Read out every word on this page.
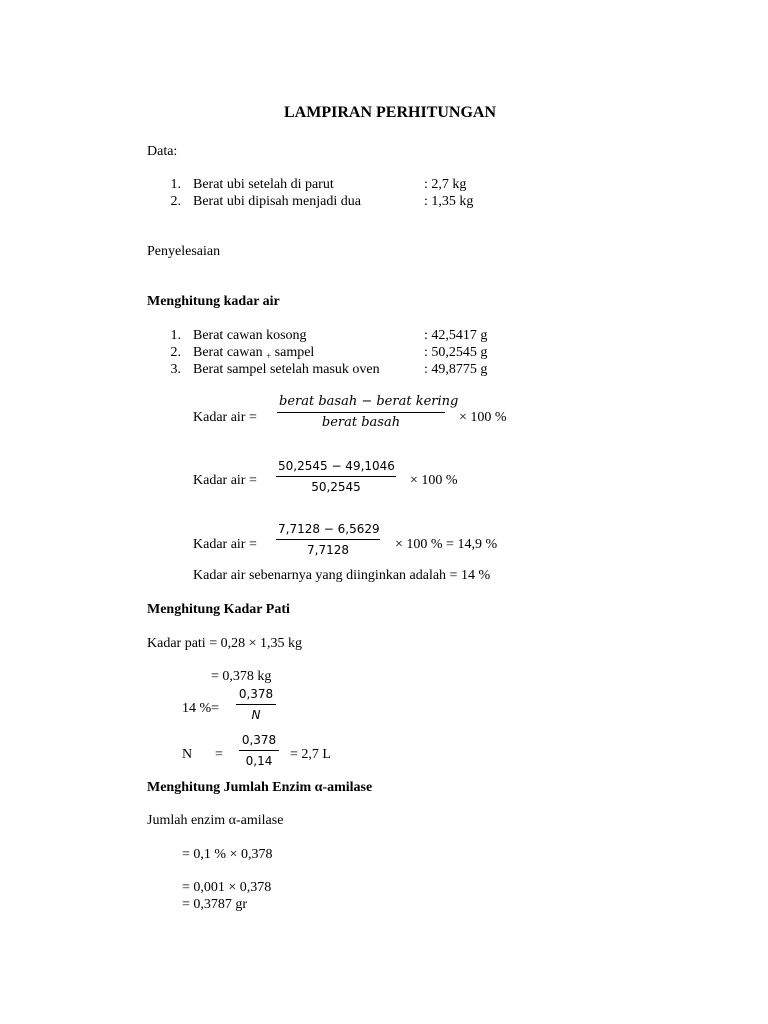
LAMPIRAN PERHITUNGAN
Data:
1. Berat ubi setelah di parut	: 2,7 kg
2. Berat ubi dipisah menjadi dua	: 1,35 kg
Penyelesaian
Menghitung kadar air
1. Berat cawan kosong	: 42,5417 g
2. Berat cawan $_+$ sampel	: 50,2545 g
3. Berat sampel setelah masuk oven	: 49,8775 g
Kadar air =
berat basah − berat kering
berat basah	× 100 %
Kadar air =
50,2545 − 49,1046
50,2545	× 100 %
Kadar air =
7,7128 − 6,5629
7,7128	× 100 % = 14,9 %
Kadar air sebenarnya yang diinginkan adalah = 14 %
Menghitung Kadar Pati
Kadar pati = 0,28 × 1,35 kg
= 0,378 kg
14 %=
0,378
N
N =
0,378
0,14	= 2,7 L
Menghitung Jumlah Enzim α-amilase
Jumlah enzim α-amilase
= 0,1 % × 0,378
= 0,001 × 0,378
= 0,3787 gr
